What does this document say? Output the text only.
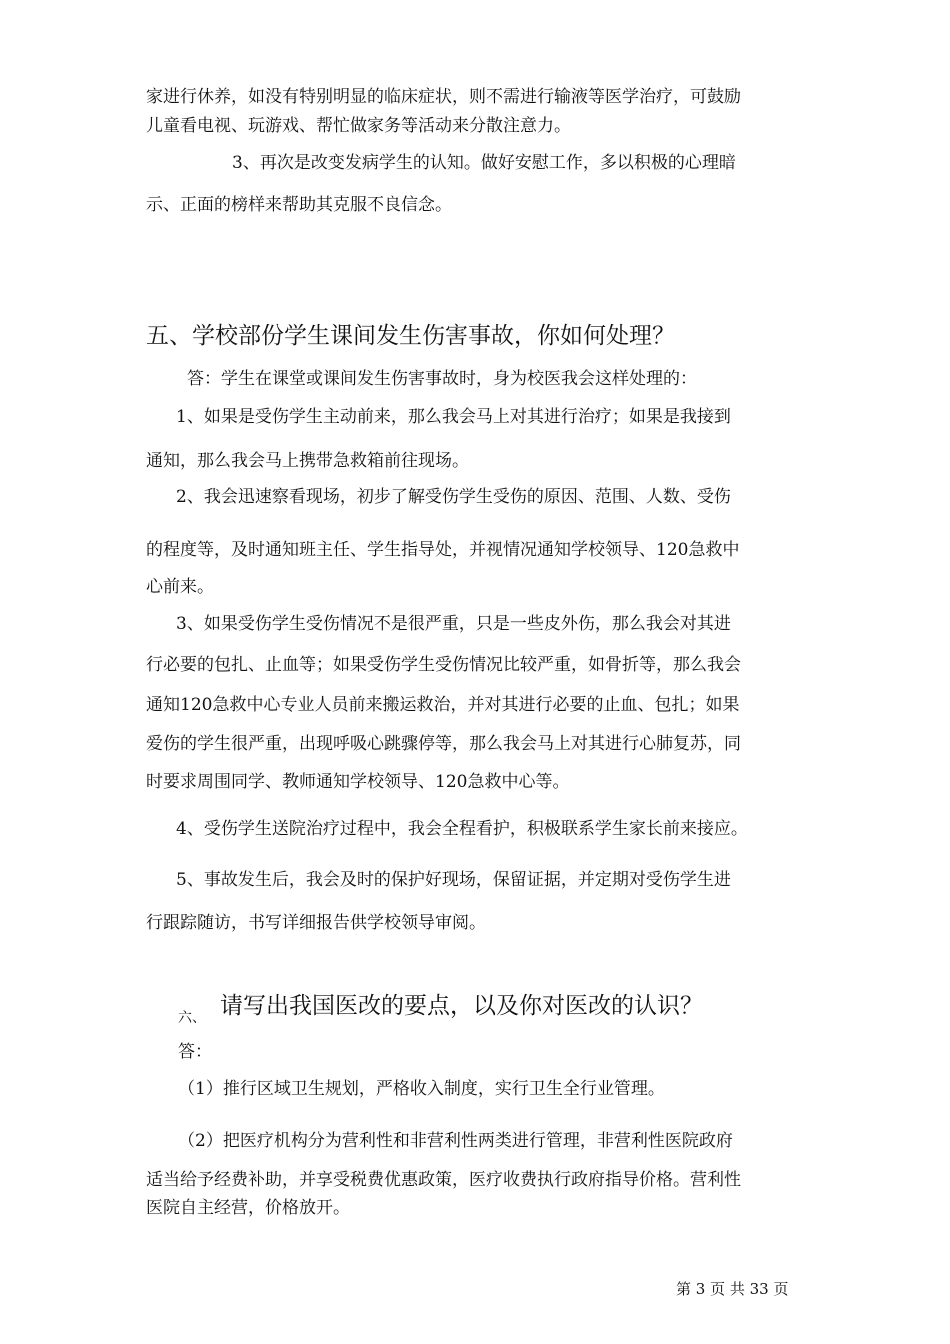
家进行休养，如没有特别明显的临床症状，则不需进行输液等医学治疗，可鼓励
儿童看电视、玩游戏、帮忙做家务等活动来分散注意力。
3、再次是改变发病学生的认知。做好安慰工作，多以积极的心理暗
示、正面的榜样来帮助其克服不良信念。
五、学校部份学生课间发生伤害事故，你如何处理？
答：学生在课堂或课间发生伤害事故时，身为校医我会这样处理的：
1、如果是受伤学生主动前来，那么我会马上对其进行治疗；如果是我接到
通知，那么我会马上携带急救箱前往现场。
2、我会迅速察看现场，初步了解受伤学生受伤的原因、范围、人数、受伤
的程度等，及时通知班主任、学生指导处，并视情况通知学校领导、120急救中
心前来。
3、如果受伤学生受伤情况不是很严重，只是一些皮外伤，那么我会对其进
行必要的包扎、止血等；如果受伤学生受伤情况比较严重，如骨折等，那么我会
通知120急救中心专业人员前来搬运救治，并对其进行必要的止血、包扎；如果
爱伤的学生很严重，出现呼吸心跳骤停等，那么我会马上对其进行心肺复苏，同
时要求周围同学、教师通知学校领导、120急救中心等。
4、受伤学生送院治疗过程中，我会全程看护，积极联系学生家长前来接应。
5、事故发生后，我会及时的保护好现场，保留证据，并定期对受伤学生进
行跟踪随访，书写详细报告供学校领导审阅。
六、 请写出我国医改的要点，以及你对医改的认识？
答：
（1）推行区域卫生规划，严格收入制度，实行卫生全行业管理。
（2）把医疗机构分为营利性和非营利性两类进行管理，非营利性医院政府
适当给予经费补助，并享受税费优惠政策，医疗收费执行政府指导价格。营利性
医院自主经营，价格放开。
第 3 页 共 33 页
